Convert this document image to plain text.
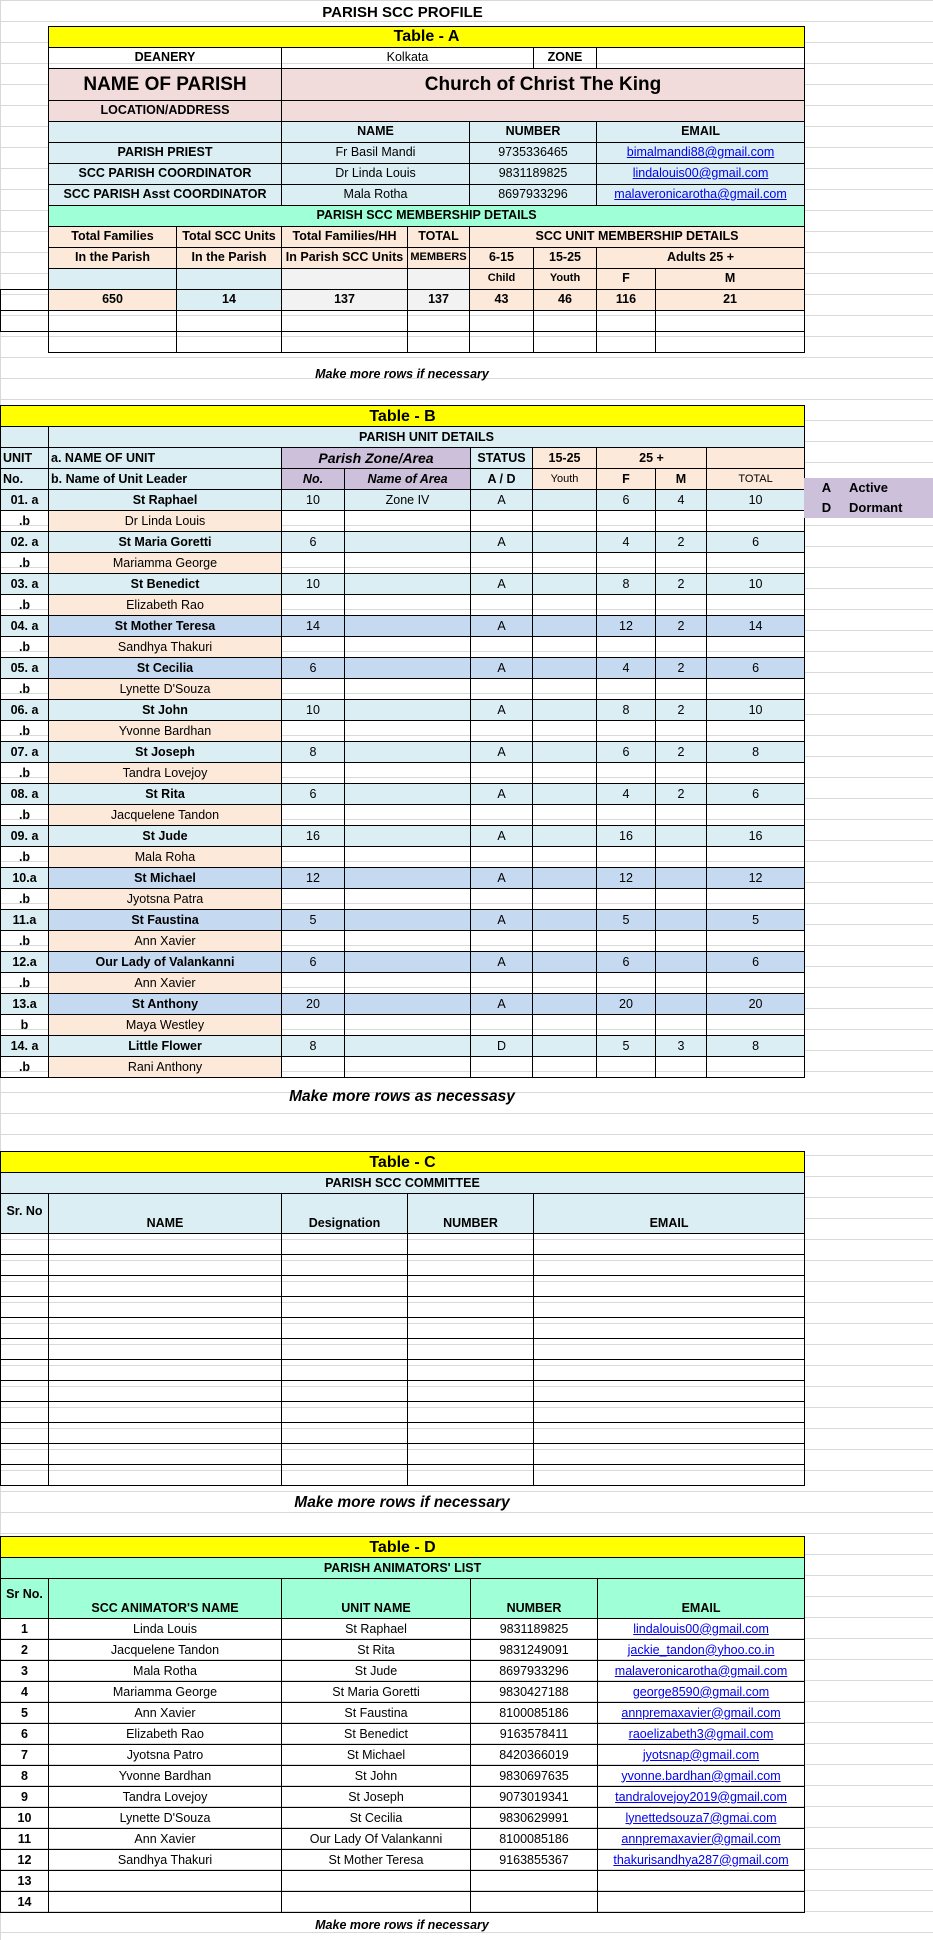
PARISH SCC PROFILE								
	Table - A							
	DEANERY		Kolkata			ZONE		
	NAME OF PARISH		Church of Christ The King					
	LOCATION/ADDRESS							
			NAME		NUMBER		EMAIL	
	PARISH PRIEST		Fr Basil Mandi		9735336465		bimalmandi88@gmail.com	
	SCC PARISH COORDINATOR		Dr Linda Louis		9831189825		lindalouis00@gmail.com	
	SCC PARISH Asst COORDINATOR		Mala Rotha		8697933296		malaveronicarotha@gmail.com	
	PARISH SCC MEMBERSHIP DETAILS							
	Total Families	Total SCC Units	Total Families/HH	TOTAL	SCC UNIT MEMBERSHIP DETAILS			
	In the Parish	In the Parish	In Parish SCC Units	MEMBERS	6-15	15-25	Adults 25 +	
					Child	Youth	F	M
	650	14	137	137	43	46	116	21

Make more rows if necessary
Table - B								
	PARISH UNIT DETAILS							
UNIT	a. NAME OF UNIT	Parish Zone/Area		STATUS	15-25	25 +		
No.	b. Name of Unit Leader	No.	Name of Area	A / D	Youth	F	M	TOTAL
01. a	St Raphael	10	Zone IV	A		6	4	10
.b	Dr Linda Louis							
02. a	St Maria Goretti	6		A		4	2	6
.b	Mariamma George							
03. a	St Benedict	10		A		8	2	10
.b	Elizabeth Rao							
04. a	St Mother Teresa	14		A		12	2	14
.b	Sandhya Thakuri							
05. a	St Cecilia	6		A		4	2	6
.b	Lynette D'Souza							
06. a	St John	10		A		8	2	10
.b	Yvonne Bardhan							
07. a	St Joseph	8		A		6	2	8
.b	Tandra Lovejoy							
08. a	St Rita	6		A		4	2	6
.b	Jacquelene Tandon							
09. a	St Jude	16		A		16		16
.b	Mala Roha							
10.a	St Michael	12		A		12		12
.b	Jyotsna Patra							
11.a	St Faustina	5		A		5		5
.b	Ann Xavier							
12.a	Our Lady of Valankanni	6		A		6		6
.b	Ann Xavier							
13.a	St Anthony	20		A		20		20
b	Maya Westley							
14. a	Little Flower	8		D		5	3	8
.b	Rani Anthony							
A	Active
D	Dormant
Make more rows as necessasy
Table - C				
PARISH SCC COMMITTEE				
Sr. No	NAME	Designation	NUMBER	EMAIL

Make more rows if necessary
Table - D				
PARISH ANIMATORS' LIST				
Sr No.	SCC ANIMATOR'S NAME	UNIT NAME	NUMBER	EMAIL
1	Linda Louis	St Raphael	9831189825	lindalouis00@gmail.com
2	Jacquelene Tandon	St Rita	9831249091	jackie_tandon@yhoo.co.in
3	Mala Rotha	St Jude	8697933296	malaveronicarotha@gmail.com
4	Mariamma George	St Maria Goretti	9830427188	george8590@gmail.com
5	Ann Xavier	St Faustina	8100085186	annpremaxavier@gmail.com
6	Elizabeth Rao	St Benedict	9163578411	raoelizabeth3@gmail.com
7	Jyotsna Patro	St Michael	8420366019	jyotsnap@gmail.com
8	Yvonne Bardhan	St John	9830697635	yvonne.bardhan@gmail.com
9	Tandra Lovejoy	St Joseph	9073019341	tandralovejoy2019@gmail.com
10	Lynette D'Souza	St Cecilia	9830629991	lynettedsouza7@gmai.com
11	Ann Xavier	Our Lady Of Valankanni	8100085186	annpremaxavier@gmail.com
12	Sandhya Thakuri	St Mother Teresa	9163855367	thakurisandhya287@gmail.com
13				
14				
Make more rows if necessary
